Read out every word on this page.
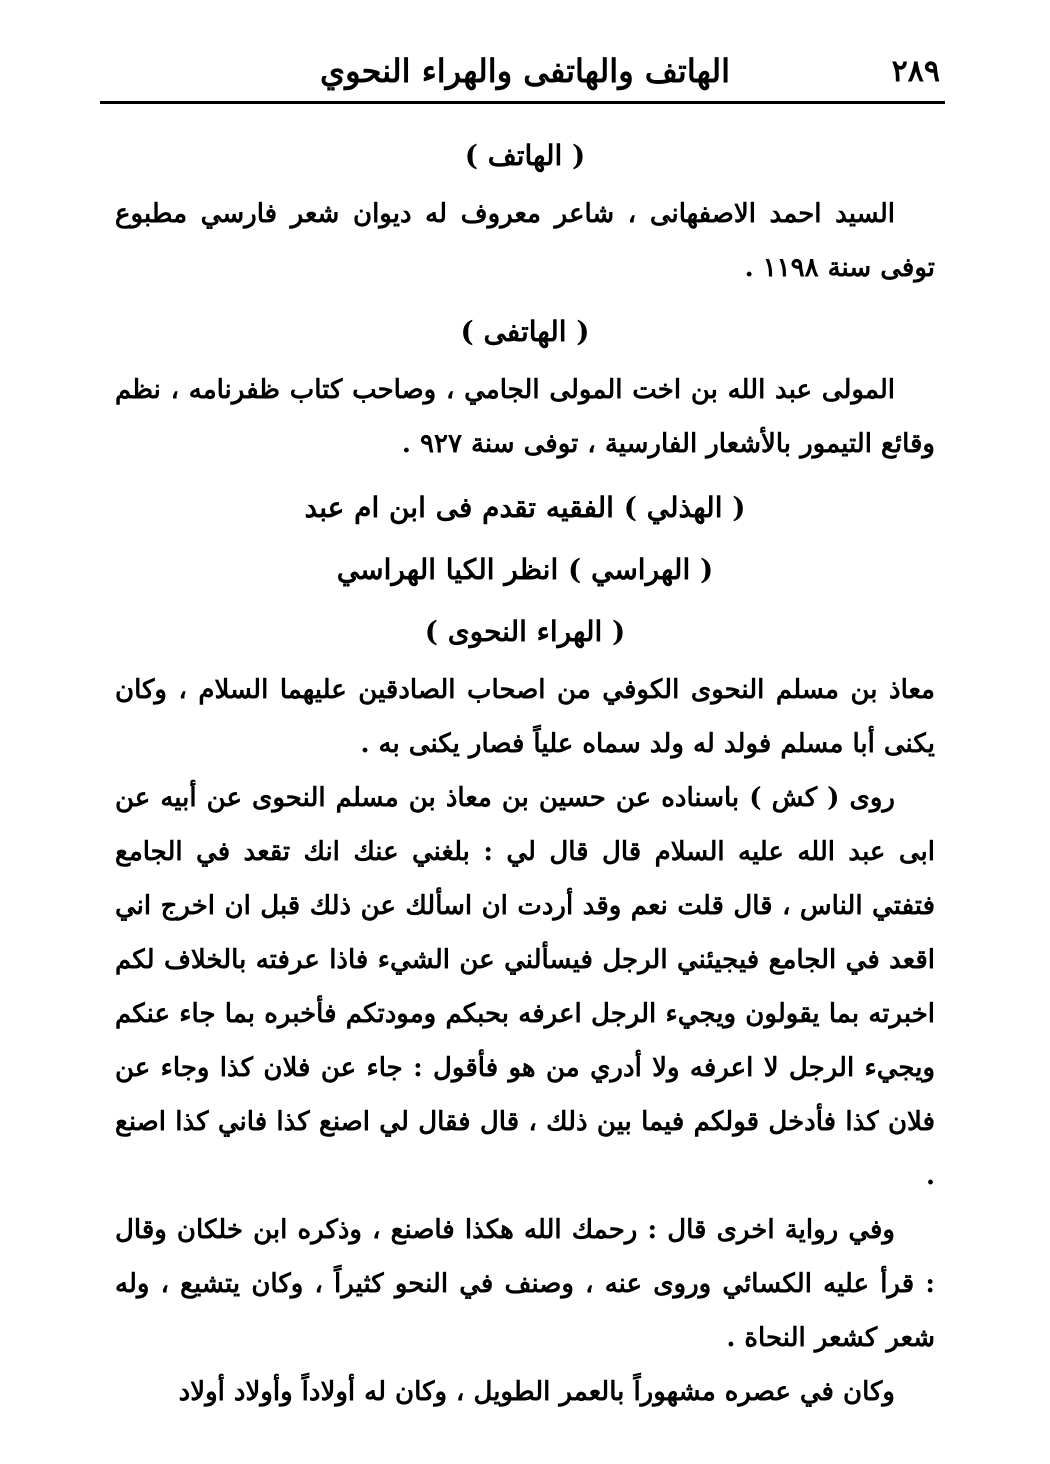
٢٨٩
الهاتف والهاتفى والهراء النحوي
( الهاتف )

السيد احمد الاصفهانى ، شاعر معروف له ديوان شعر فارسي مطبوع توفى سنة ١١٩٨ .

( الهاتفى )

المولى عبد الله بن اخت المولى الجامي ، وصاحب كتاب ظفرنامه ، نظم وقائع التيمور بالأشعار الفارسية ، توفى سنة ٩٢٧ .

( الهذلي ) الفقيه تقدم فى ابن ام عبد
( الهراسي ) انظر الكيا الهراسي
( الهراء النحوى )

معاذ بن مسلم النحوى الكوفي من اصحاب الصادقين عليهما السلام ، وكان يكنى أبا مسلم فولد له ولد سماه علياً فصار يكنى به .

روى ( كش ) باسناده عن حسين بن معاذ بن مسلم النحوى عن أبيه عن ابى عبد الله عليه السلام قال قال لي : بلغني عنك انك تقعد في الجامع فتفتي الناس ، قال قلت نعم وقد أردت ان اسألك عن ذلك قبل ان اخرج اني اقعد في الجامع فيجيئني الرجل فيسألني عن الشيء فاذا عرفته بالخلاف لكم اخبرته بما يقولون ويجيء الرجل اعرفه بحبكم ومودتكم فأخبره بما جاء عنكم ويجيء الرجل لا اعرفه ولا أدري من هو فأقول : جاء عن فلان كذا وجاء عن فلان كذا فأدخل قولكم فيما بين ذلك ، قال فقال لي اصنع كذا فاني كذا اصنع .

وفي رواية اخرى قال : رحمك الله هكذا فاصنع ، وذكره ابن خلكان وقال : قرأ عليه الكسائي وروى عنه ، وصنف في النحو كثيراً ، وكان يتشيع ، وله شعر كشعر النحاة .

وكان في عصره مشهوراً بالعمر الطويل ، وكان له أولاداً وأولاد أولاد
